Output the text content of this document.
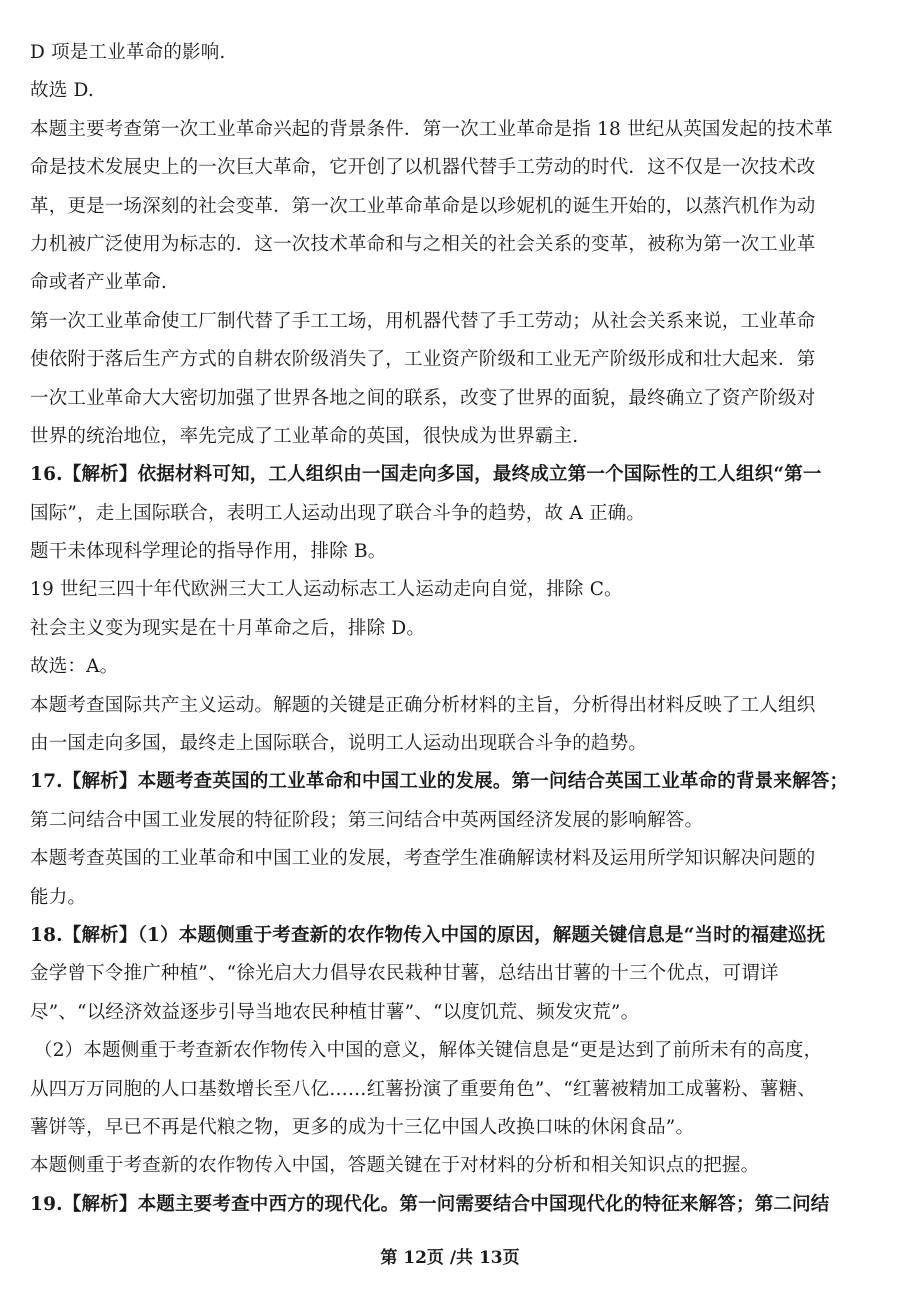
D 项是工业革命的影响.
故选 D.
本题主要考查第一次工业革命兴起的背景条件．第一次工业革命是指 18 世纪从英国发起的技术革
命是技术发展史上的一次巨大革命，它开创了以机器代替手工劳动的时代．这不仅是一次技术改
革，更是一场深刻的社会变革．第一次工业革命革命是以珍妮机的诞生开始的，以蒸汽机作为动
力机被广泛使用为标志的．这一次技术革命和与之相关的社会关系的变革，被称为第一次工业革
命或者产业革命.
第一次工业革命使工厂制代替了手工工场，用机器代替了手工劳动；从社会关系来说，工业革命
使依附于落后生产方式的自耕农阶级消失了，工业资产阶级和工业无产阶级形成和壮大起来．第
一次工业革命大大密切加强了世界各地之间的联系，改变了世界的面貌，最终确立了资产阶级对
世界的统治地位，率先完成了工业革命的英国，很快成为世界霸主.
16.【解析】依据材料可知，工人组织由一国走向多国，最终成立第一个国际性的工人组织“第一
国际”，走上国际联合，表明工人运动出现了联合斗争的趋势，故 A 正确。
题干未体现科学理论的指导作用，排除 B。
19 世纪三四十年代欧洲三大工人运动标志工人运动走向自觉，排除 C。
社会主义变为现实是在十月革命之后，排除 D。
故选：A。
本题考查国际共产主义运动。解题的关键是正确分析材料的主旨，分析得出材料反映了工人组织
由一国走向多国，最终走上国际联合，说明工人运动出现联合斗争的趋势。
17.【解析】本题考查英国的工业革命和中国工业的发展。第一问结合英国工业革命的背景来解答；
第二问结合中国工业发展的特征阶段；第三问结合中英两国经济发展的影响解答。
本题考查英国的工业革命和中国工业的发展，考查学生准确解读材料及运用所学知识解决问题的
能力。
18.【解析】（1）本题侧重于考查新的农作物传入中国的原因，解题关键信息是“当时的福建巡抚
金学曾下令推广种植”、“徐光启大力倡导农民栽种甘薯，总结出甘薯的十三个优点，可谓详
尽”、“以经济效益逐步引导当地农民种植甘薯”、“以度饥荒、频发灾荒”。
（2）本题侧重于考查新农作物传入中国的意义，解体关键信息是“更是达到了前所未有的高度，
从四万万同胞的人口基数增长至八亿……红薯扮演了重要角色”、“红薯被精加工成薯粉、薯糖、
薯饼等，早已不再是代粮之物，更多的成为十三亿中国人改换口味的休闲食品”。
本题侧重于考查新的农作物传入中国，答题关键在于对材料的分析和相关知识点的把握。
19.【解析】本题主要考查中西方的现代化。第一问需要结合中国现代化的特征来解答；第二问结
第 12页 /共 13页
